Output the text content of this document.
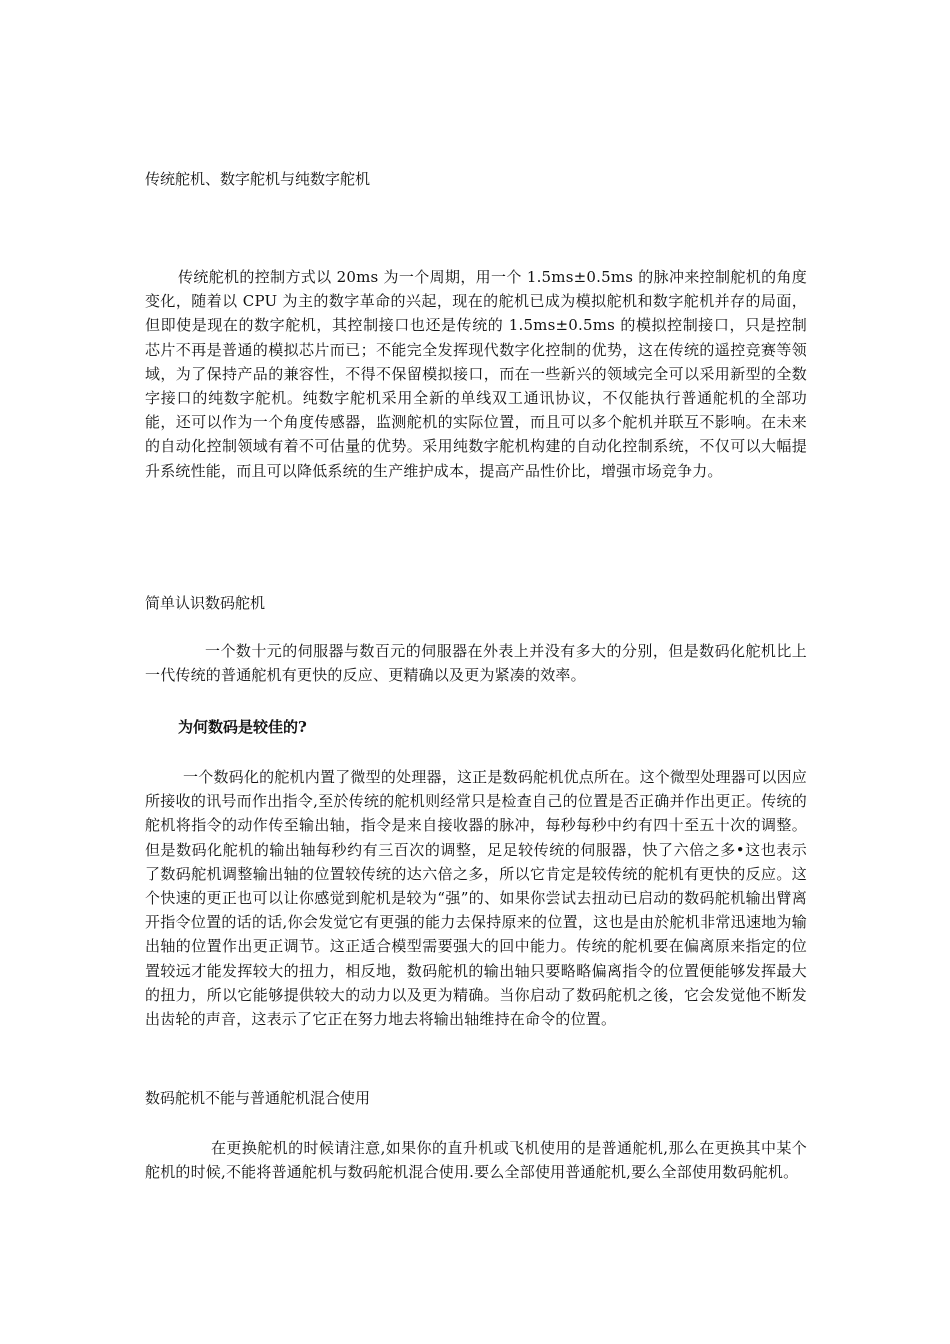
传统舵机、数字舵机与纯数字舵机

传统舵机的控制方式以 20ms 为一个周期，用一个 1.5ms±0.5ms 的脉冲来控制舵机的角度变化，随着以 CPU 为主的数字革命的兴起，现在的舵机已成为模拟舵机和数字舵机并存的局面，但即使是现在的数字舵机，其控制接口也还是传统的 1.5ms±0.5ms 的模拟控制接口，只是控制芯片不再是普通的模拟芯片而已；不能完全发挥现代数字化控制的优势，这在传统的遥控竞赛等领域，为了保持产品的兼容性，不得不保留模拟接口，而在一些新兴的领域完全可以采用新型的全数字接口的纯数字舵机。纯数字舵机采用全新的单线双工通讯协议，不仅能执行普通舵机的全部功能，还可以作为一个角度传感器，监测舵机的实际位置，而且可以多个舵机并联互不影响。在未来的自动化控制领域有着不可估量的优势。采用纯数字舵机构建的自动化控制系统，不仅可以大幅提升系统性能，而且可以降低系统的生产维护成本，提高产品性价比，增强市场竞争力。

简单认识数码舵机

一个数十元的伺服器与数百元的伺服器在外表上并没有多大的分别，但是数码化舵机比上一代传统的普通舵机有更快的反应、更精确以及更为紧凑的效率。

为何数码是较佳的?

一个数码化的舵机内置了微型的处理器，这正是数码舵机优点所在。这个微型处理器可以因应所接收的讯号而作出指令,至於传统的舵机则经常只是检查自己的位置是否正确并作出更正。传统的舵机将指令的动作传至输出轴，指令是来自接收器的脉冲，每秒每秒中约有四十至五十次的调整。但是数码化舵机的输出轴每秒约有三百次的调整，足足较传统的伺服器，快了六倍之多•这也表示了数码舵机调整输出轴的位置较传统的达六倍之多，所以它肯定是较传统的舵机有更快的反应。这个快速的更正也可以让你感觉到舵机是较为“强”的、如果你尝试去扭动已启动的数码舵机输出臂离开指令位置的话的话,你会发觉它有更强的能力去保持原来的位置，这也是由於舵机非常迅速地为输出轴的位置作出更正调节。这正适合模型需要强大的回中能力。传统的舵机要在偏离原来指定的位置较远才能发挥较大的扭力，相反地，数码舵机的输出轴只要略略偏离指令的位置便能够发挥最大的扭力，所以它能够提供较大的动力以及更为精确。当你启动了数码舵机之後，它会发觉他不断发出齿轮的声音，这表示了它正在努力地去将输出轴维持在命令的位置。

数码舵机不能与普通舵机混合使用

在更换舵机的时候请注意,如果你的直升机或飞机使用的是普通舵机,那么在更换其中某个舵机的时候,不能将普通舵机与数码舵机混合使用.要么全部使用普通舵机,要么全部使用数码舵机。
